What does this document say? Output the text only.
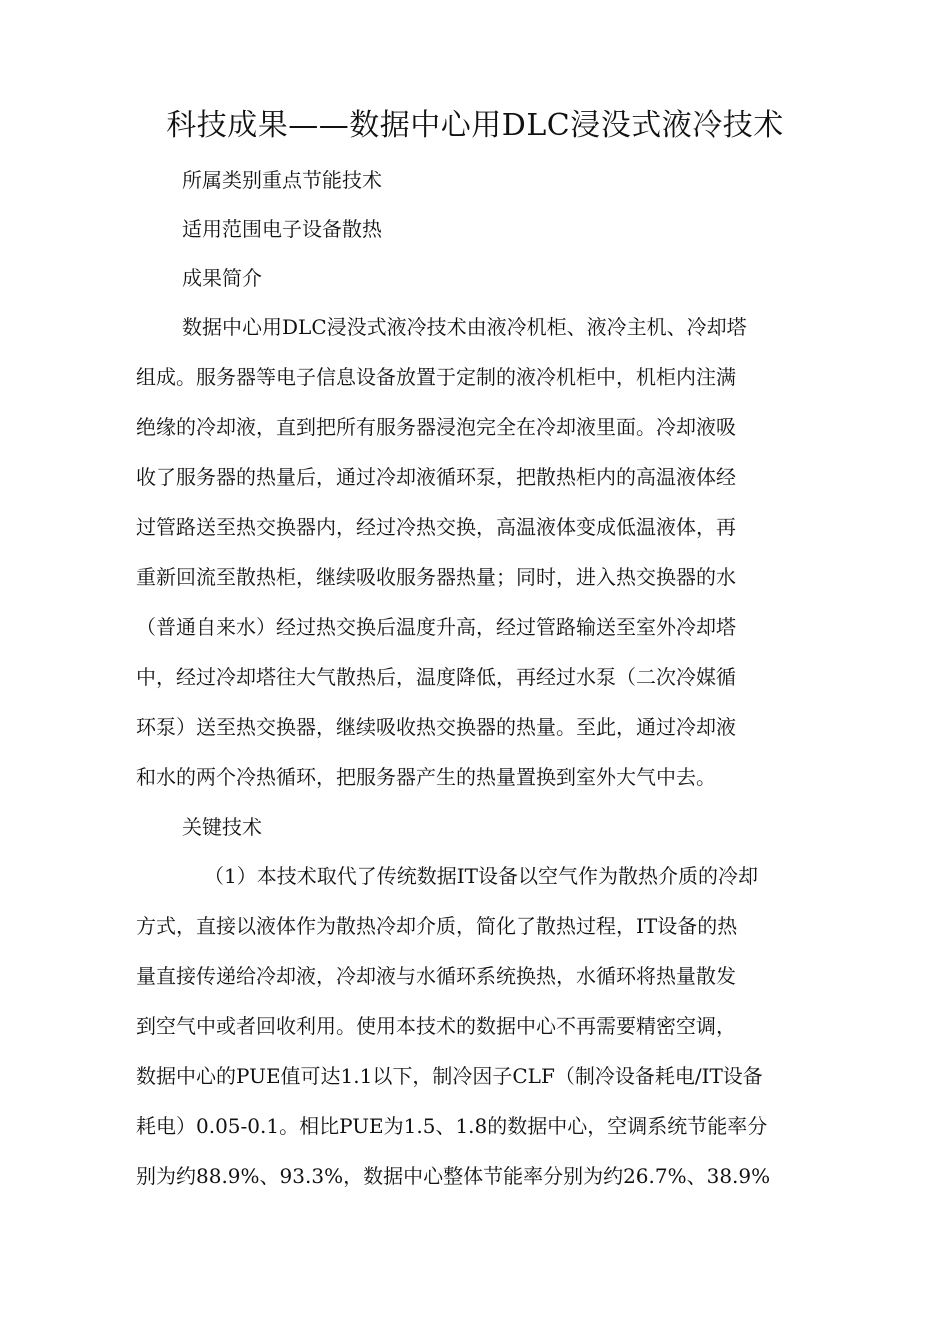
科技成果——数据中心用DLC浸没式液冷技术
所属类别重点节能技术
适用范围电子设备散热
成果简介
数据中心用DLC浸没式液冷技术由液冷机柜、液冷主机、冷却塔
组成。服务器等电子信息设备放置于定制的液冷机柜中，机柜内注满
绝缘的冷却液，直到把所有服务器浸泡完全在冷却液里面。冷却液吸
收了服务器的热量后，通过冷却液循环泵，把散热柜内的高温液体经
过管路送至热交换器内，经过冷热交换，高温液体变成低温液体，再
重新回流至散热柜，继续吸收服务器热量；同时，进入热交换器的水
（普通自来水）经过热交换后温度升高，经过管路输送至室外冷却塔
中，经过冷却塔往大气散热后，温度降低，再经过水泵（二次冷媒循
环泵）送至热交换器，继续吸收热交换器的热量。至此，通过冷却液
和水的两个冷热循环，把服务器产生的热量置换到室外大气中去。
关键技术
（1）本技术取代了传统数据IT设备以空气作为散热介质的冷却
方式，直接以液体作为散热冷却介质，简化了散热过程，IT设备的热
量直接传递给冷却液，冷却液与水循环系统换热，水循环将热量散发
到空气中或者回收利用。使用本技术的数据中心不再需要精密空调，
数据中心的PUE值可达1.1以下，制冷因子CLF（制冷设备耗电/IT设备
耗电）0.05-0.1。相比PUE为1.5、1.8的数据中心，空调系统节能率分
别为约88.9%、93.3%，数据中心整体节能率分别为约26.7%、38.9%
